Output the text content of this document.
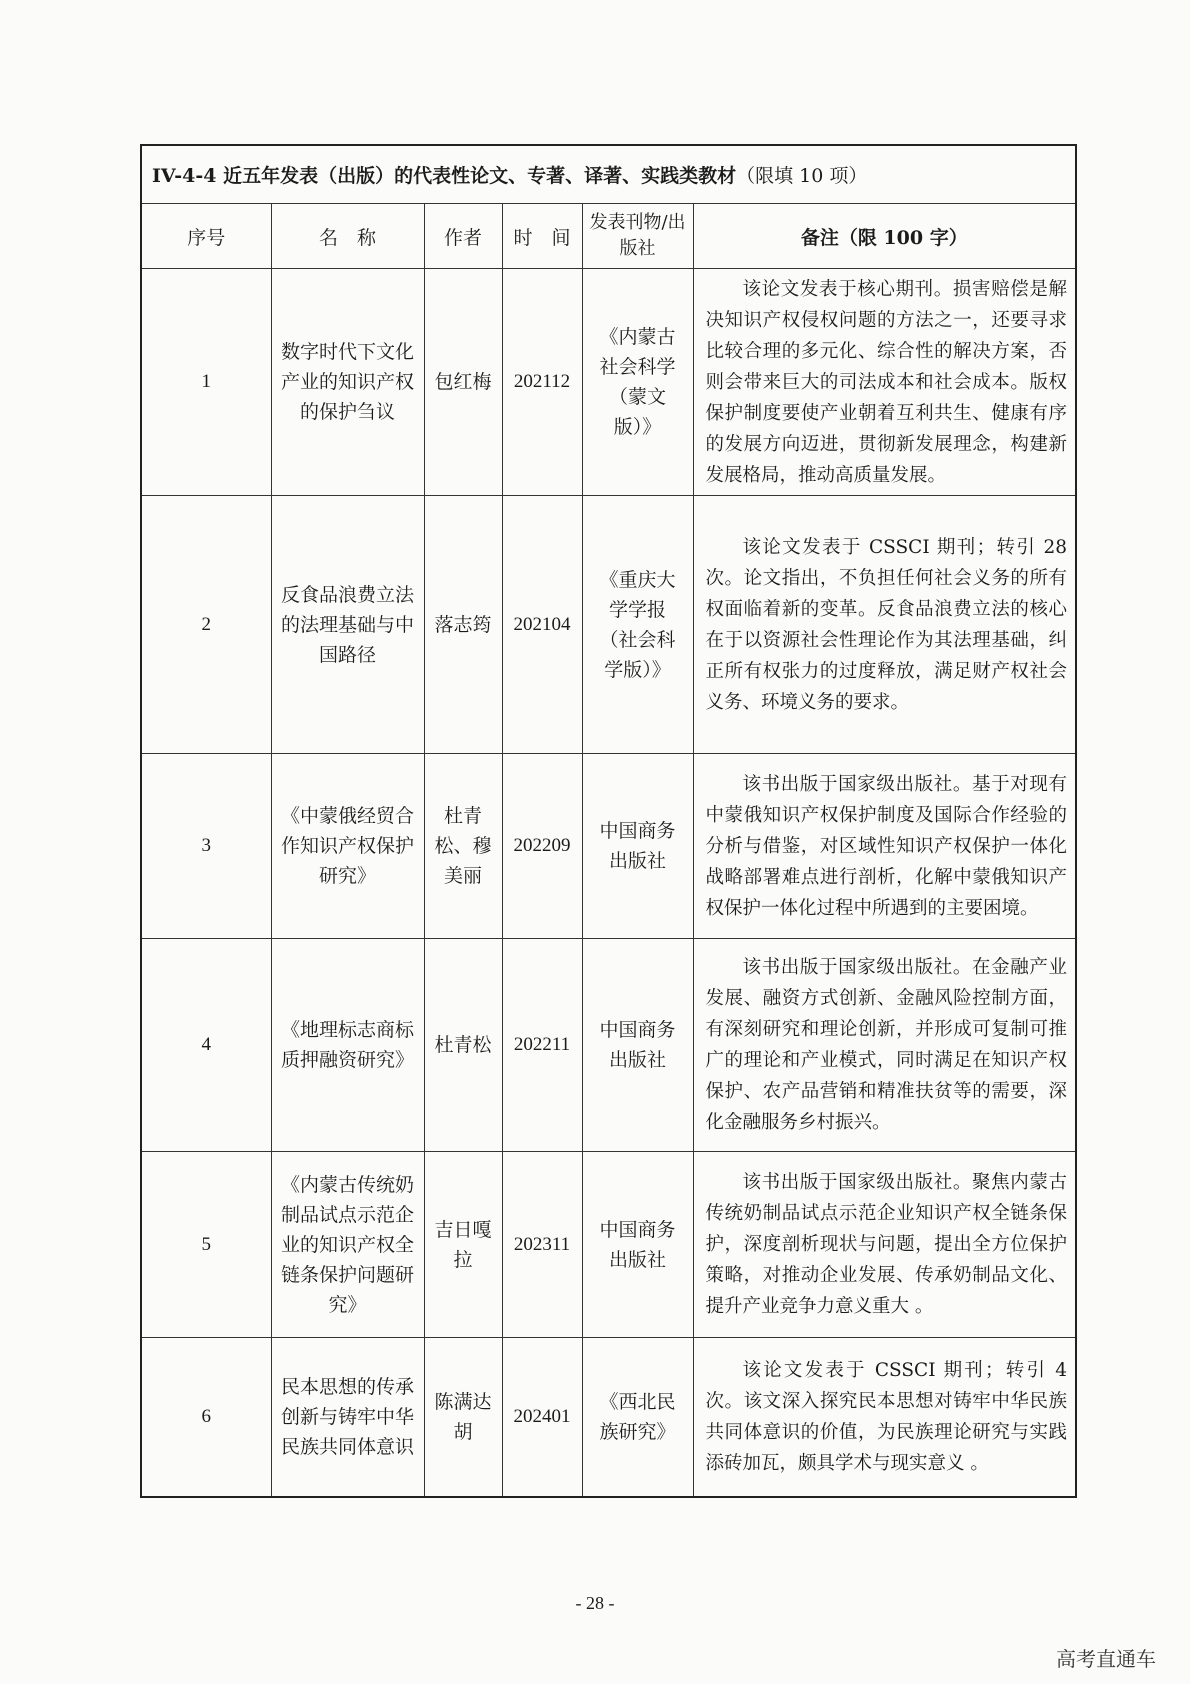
IV-4-4 近五年发表（出版）的代表性论文、专著、译著、实践类教材（限填 10 项）					
序号	名　称	作者	时　间	发表刊物/出版社	备注（限 100 字）
1	数字时代下文化产业的知识产权的保护刍议	包红梅	202112	《内蒙古社会科学（蒙文版）》	该论文发表于核心期刊。损害赔偿是解决知识产权侵权问题的方法之一，还要寻求比较合理的多元化、综合性的解决方案，否则会带来巨大的司法成本和社会成本。版权保护制度要使产业朝着互利共生、健康有序的发展方向迈进，贯彻新发展理念，构建新发展格局，推动高质量发展。
2	反食品浪费立法的法理基础与中国路径	落志筠	202104	《重庆大学学报（社会科学版）》	该论文发表于 CSSCI 期刊；转引 28 次。论文指出，不负担任何社会义务的所有权面临着新的变革。反食品浪费立法的核心在于以资源社会性理论作为其法理基础，纠正所有权张力的过度释放，满足财产权社会义务、环境义务的要求。
3	《中蒙俄经贸合作知识产权保护研究》	杜青松、穆美丽	202209	中国商务出版社	该书出版于国家级出版社。基于对现有中蒙俄知识产权保护制度及国际合作经验的分析与借鉴，对区域性知识产权保护一体化战略部署难点进行剖析，化解中蒙俄知识产权保护一体化过程中所遇到的主要困境。
4	《地理标志商标质押融资研究》	杜青松	202211	中国商务出版社	该书出版于国家级出版社。在金融产业发展、融资方式创新、金融风险控制方面，有深刻研究和理论创新，并形成可复制可推广的理论和产业模式，同时满足在知识产权保护、农产品营销和精准扶贫等的需要，深化金融服务乡村振兴。
5	《内蒙古传统奶制品试点示范企业的知识产权全链条保护问题研究》	吉日嘎拉	202311	中国商务出版社	该书出版于国家级出版社。聚焦内蒙古传统奶制品试点示范企业知识产权全链条保护，深度剖析现状与问题，提出全方位保护策略，对推动企业发展、传承奶制品文化、提升产业竞争力意义重大 。
6	民本思想的传承创新与铸牢中华民族共同体意识	陈满达胡	202401	《西北民族研究》	该论文发表于 CSSCI 期刊；转引 4 次。该文深入探究民本思想对铸牢中华民族共同体意识的价值，为民族理论研究与实践添砖加瓦，颇具学术与现实意义 。
- 28 -
高考直通车
